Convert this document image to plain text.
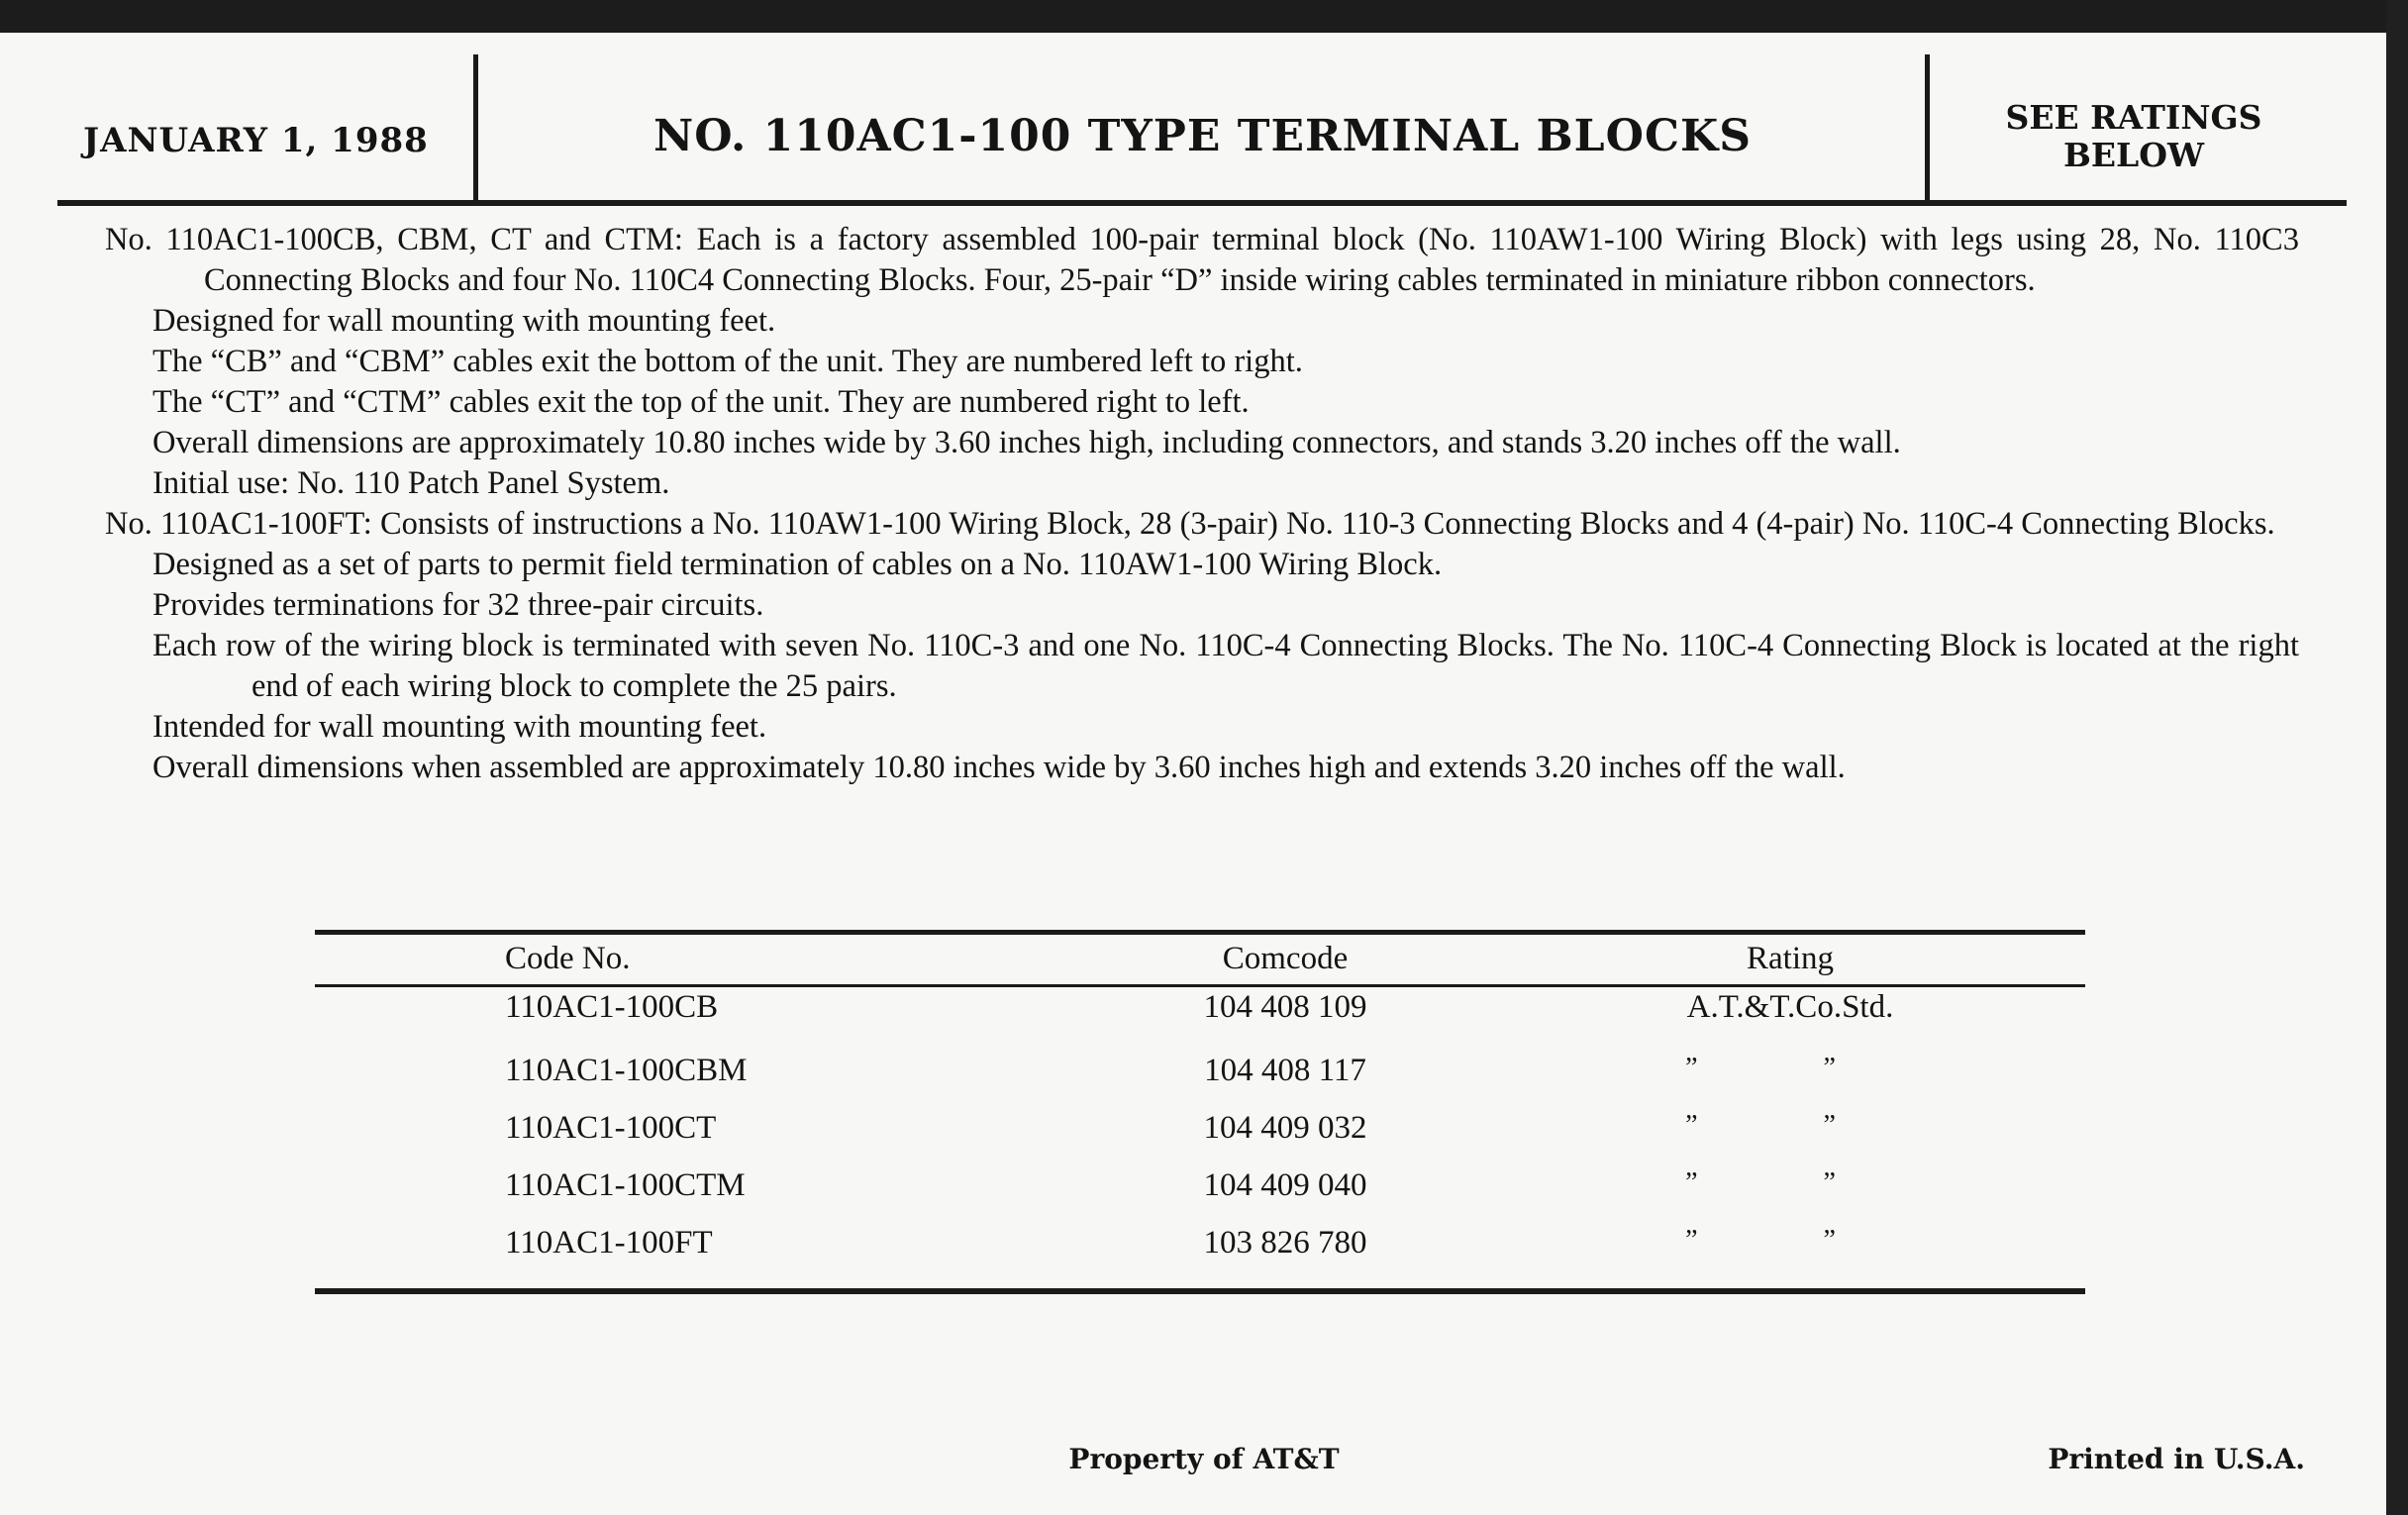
JANUARY 1, 1988	NO. 110AC1-100 TYPE TERMINAL BLOCKS	SEE RATINGS
BELOW

No. 110AC1-100CB, CBM, CT and CTM: Each is a factory assembled 100-pair terminal block (No. 110AW1-100 Wiring Block) with legs using 28, No. 110C3 Connecting Blocks and four No. 110C4 Connecting Blocks. Four, 25-pair “D” inside wiring cables terminated in miniature ribbon connectors.

Designed for wall mounting with mounting feet.

The “CB” and “CBM” cables exit the bottom of the unit. They are numbered left to right.

The “CT” and “CTM” cables exit the top of the unit. They are numbered right to left.

Overall dimensions are approximately 10.80 inches wide by 3.60 inches high, including connectors, and stands 3.20 inches off the wall.

Initial use: No. 110 Patch Panel System.

No. 110AC1-100FT: Consists of instructions a No. 110AW1-100 Wiring Block, 28 (3-pair) No. 110-3 Connecting Blocks and 4 (4-pair) No. 110C-4 Connecting Blocks.

Designed as a set of parts to permit field termination of cables on a No. 110AW1-100 Wiring Block.

Provides terminations for 32 three-pair circuits.

Each row of the wiring block is terminated with seven No. 110C-3 and one No. 110C-4 Connecting Blocks. The No. 110C-4 Connecting Block is located at the right end of each wiring block to complete the 25 pairs.

Intended for wall mounting with mounting feet.

Overall dimensions when assembled are approximately 10.80 inches wide by 3.60 inches high and extends 3.20 inches off the wall.

Code No.	Comcode	Rating
110AC1-100CB	104 408 109	A.T.&T.Co.Std.
110AC1-100CBM	104 408 117	” ”
110AC1-100CT	104 409 032	” ”
110AC1-100CTM	104 409 040	” ”
110AC1-100FT	103 826 780	” ”
Property of AT&T	Printed in U.S.A.
